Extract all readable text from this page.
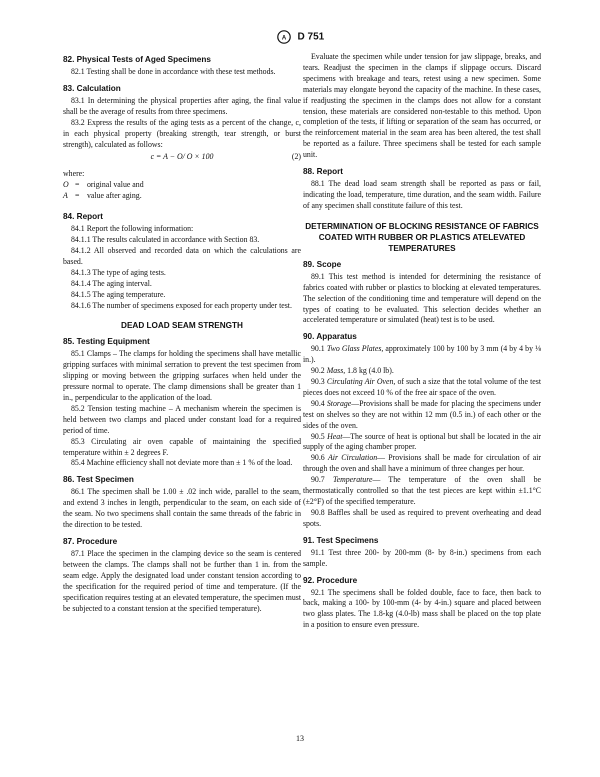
A D 751
82. Physical Tests of Aged Specimens

82.1 Testing shall be done in accordance with these test methods.

83. Calculation

83.1 In determining the physical properties after aging, the final value shall be the average of results from three specimens.

83.2 Express the results of the aging tests as a percent of the change, c, in each physical property (breaking strength, tear strength, or burst strength), calculated as follows:

c = A − O/ O × 100	(2)

where:

O = original value and
A = value after aging.
84. Report

84.1 Report the following information:

84.1.1 The results calculated in accordance with Section 83.

84.1.2 All observed and recorded data on which the calculations are based.

84.1.3 The type of aging tests.

84.1.4 The aging interval.

84.1.5 The aging temperature.

84.1.6 The number of specimens exposed for each property under test.

DEAD LOAD SEAM STRENGTH
85. Testing Equipment

85.1 Clamps – The clamps for holding the specimens shall have metallic gripping surfaces with minimal serration to prevent the test specimen from slipping or moving between the gripping surfaces when held under the pressure normal to operate. The clamp dimensions shall be greater than 1 in., perpendicular to the application of the load.

85.2 Tension testing machine – A mechanism wherein the specimen is held between two clamps and placed under constant load for a required period of time.

85.3 Circulating air oven capable of maintaining the specified temperature within ± 2 degrees F.

85.4 Machine efficiency shall not deviate more than ± 1 % of the load.

86. Test Specimen

86.1 The specimen shall be 1.00 ± .02 inch wide, parallel to the seam, and extend 3 inches in length, perpendicular to the seam, on each side of the seam. No two specimens shall contain the same threads of the fabric in the direction to be tested.

87. Procedure

87.1 Place the specimen in the clamping device so the seam is centered between the clamps. The clamps shall not be further than 1 in. from the seam edge. Apply the designated load under constant tension according to the specification for the required period of time and temperature. (If the specification requires testing at an elevated temperature, the specimen must be subjected to a constant tension at the specified temperature).

Evaluate the specimen while under tension for jaw slippage, breaks, and tears. Readjust the specimen in the clamps if slippage occurs. Discard specimens with breakage and tears, retest using a new specimen. Some materials may elongate beyond the capacity of the machine. In these cases, if readjusting the specimen in the clamps does not allow for a constant tension, these materials are considered non-testable to this method. Upon completion of the tests, if lifting or separation of the seam has occurred, or the reinforcement material in the seam area has been altered, the test shall be reported as a failure. Three specimens shall be tested for each sample unit.

88. Report

88.1 The dead load seam strength shall be reported as pass or fail, indicating the load, temperature, time duration, and the seam width. Failure of any specimen shall constitute failure of this test.

DETERMINATION OF BLOCKING RESISTANCE OF FABRICS COATED WITH RUBBER OR PLASTICS ATELEVATED TEMPERATURES
89. Scope

89.1 This test method is intended for determining the resistance of fabrics coated with rubber or plastics to blocking at elevated temperatures. The selection of the conditioning time and temperature will depend on the types of coating to be evaluated. This selection decides whether an accelerated temperature or simulated (heat) test is to be used.

90. Apparatus

90.1 Two Glass Plates, approximately 100 by 100 by 3 mm (4 by 4 by ⅛ in.).

90.2 Mass, 1.8 kg (4.0 lb).

90.3 Circulating Air Oven, of such a size that the total volume of the test pieces does not exceed 10 % of the free air space of the oven.

90.4 Storage—Provisions shall be made for placing the specimens under test on shelves so they are not within 12 mm (0.5 in.) of each other or the sides of the oven.

90.5 Heat—The source of heat is optional but shall be located in the air supply of the aging chamber proper.

90.6 Air Circulation— Provisions shall be made for circulation of air through the oven and shall have a minimum of three changes per hour.

90.7 Temperature— The temperature of the oven shall be thermostatically controlled so that the test pieces are kept within ±1.1°C (±2°F) of the specified temperature.

90.8 Baffles shall be used as required to prevent overheating and dead spots.

91. Test Specimens

91.1 Test three 200- by 200-mm (8- by 8-in.) specimens from each sample.

92. Procedure

92.1 The specimens shall be folded double, face to face, then back to back, making a 100- by 100-mm (4- by 4-in.) square and placed between two glass plates. The 1.8-kg (4.0-lb) mass shall be placed on the top plate in a position to ensure even pressure.

13
